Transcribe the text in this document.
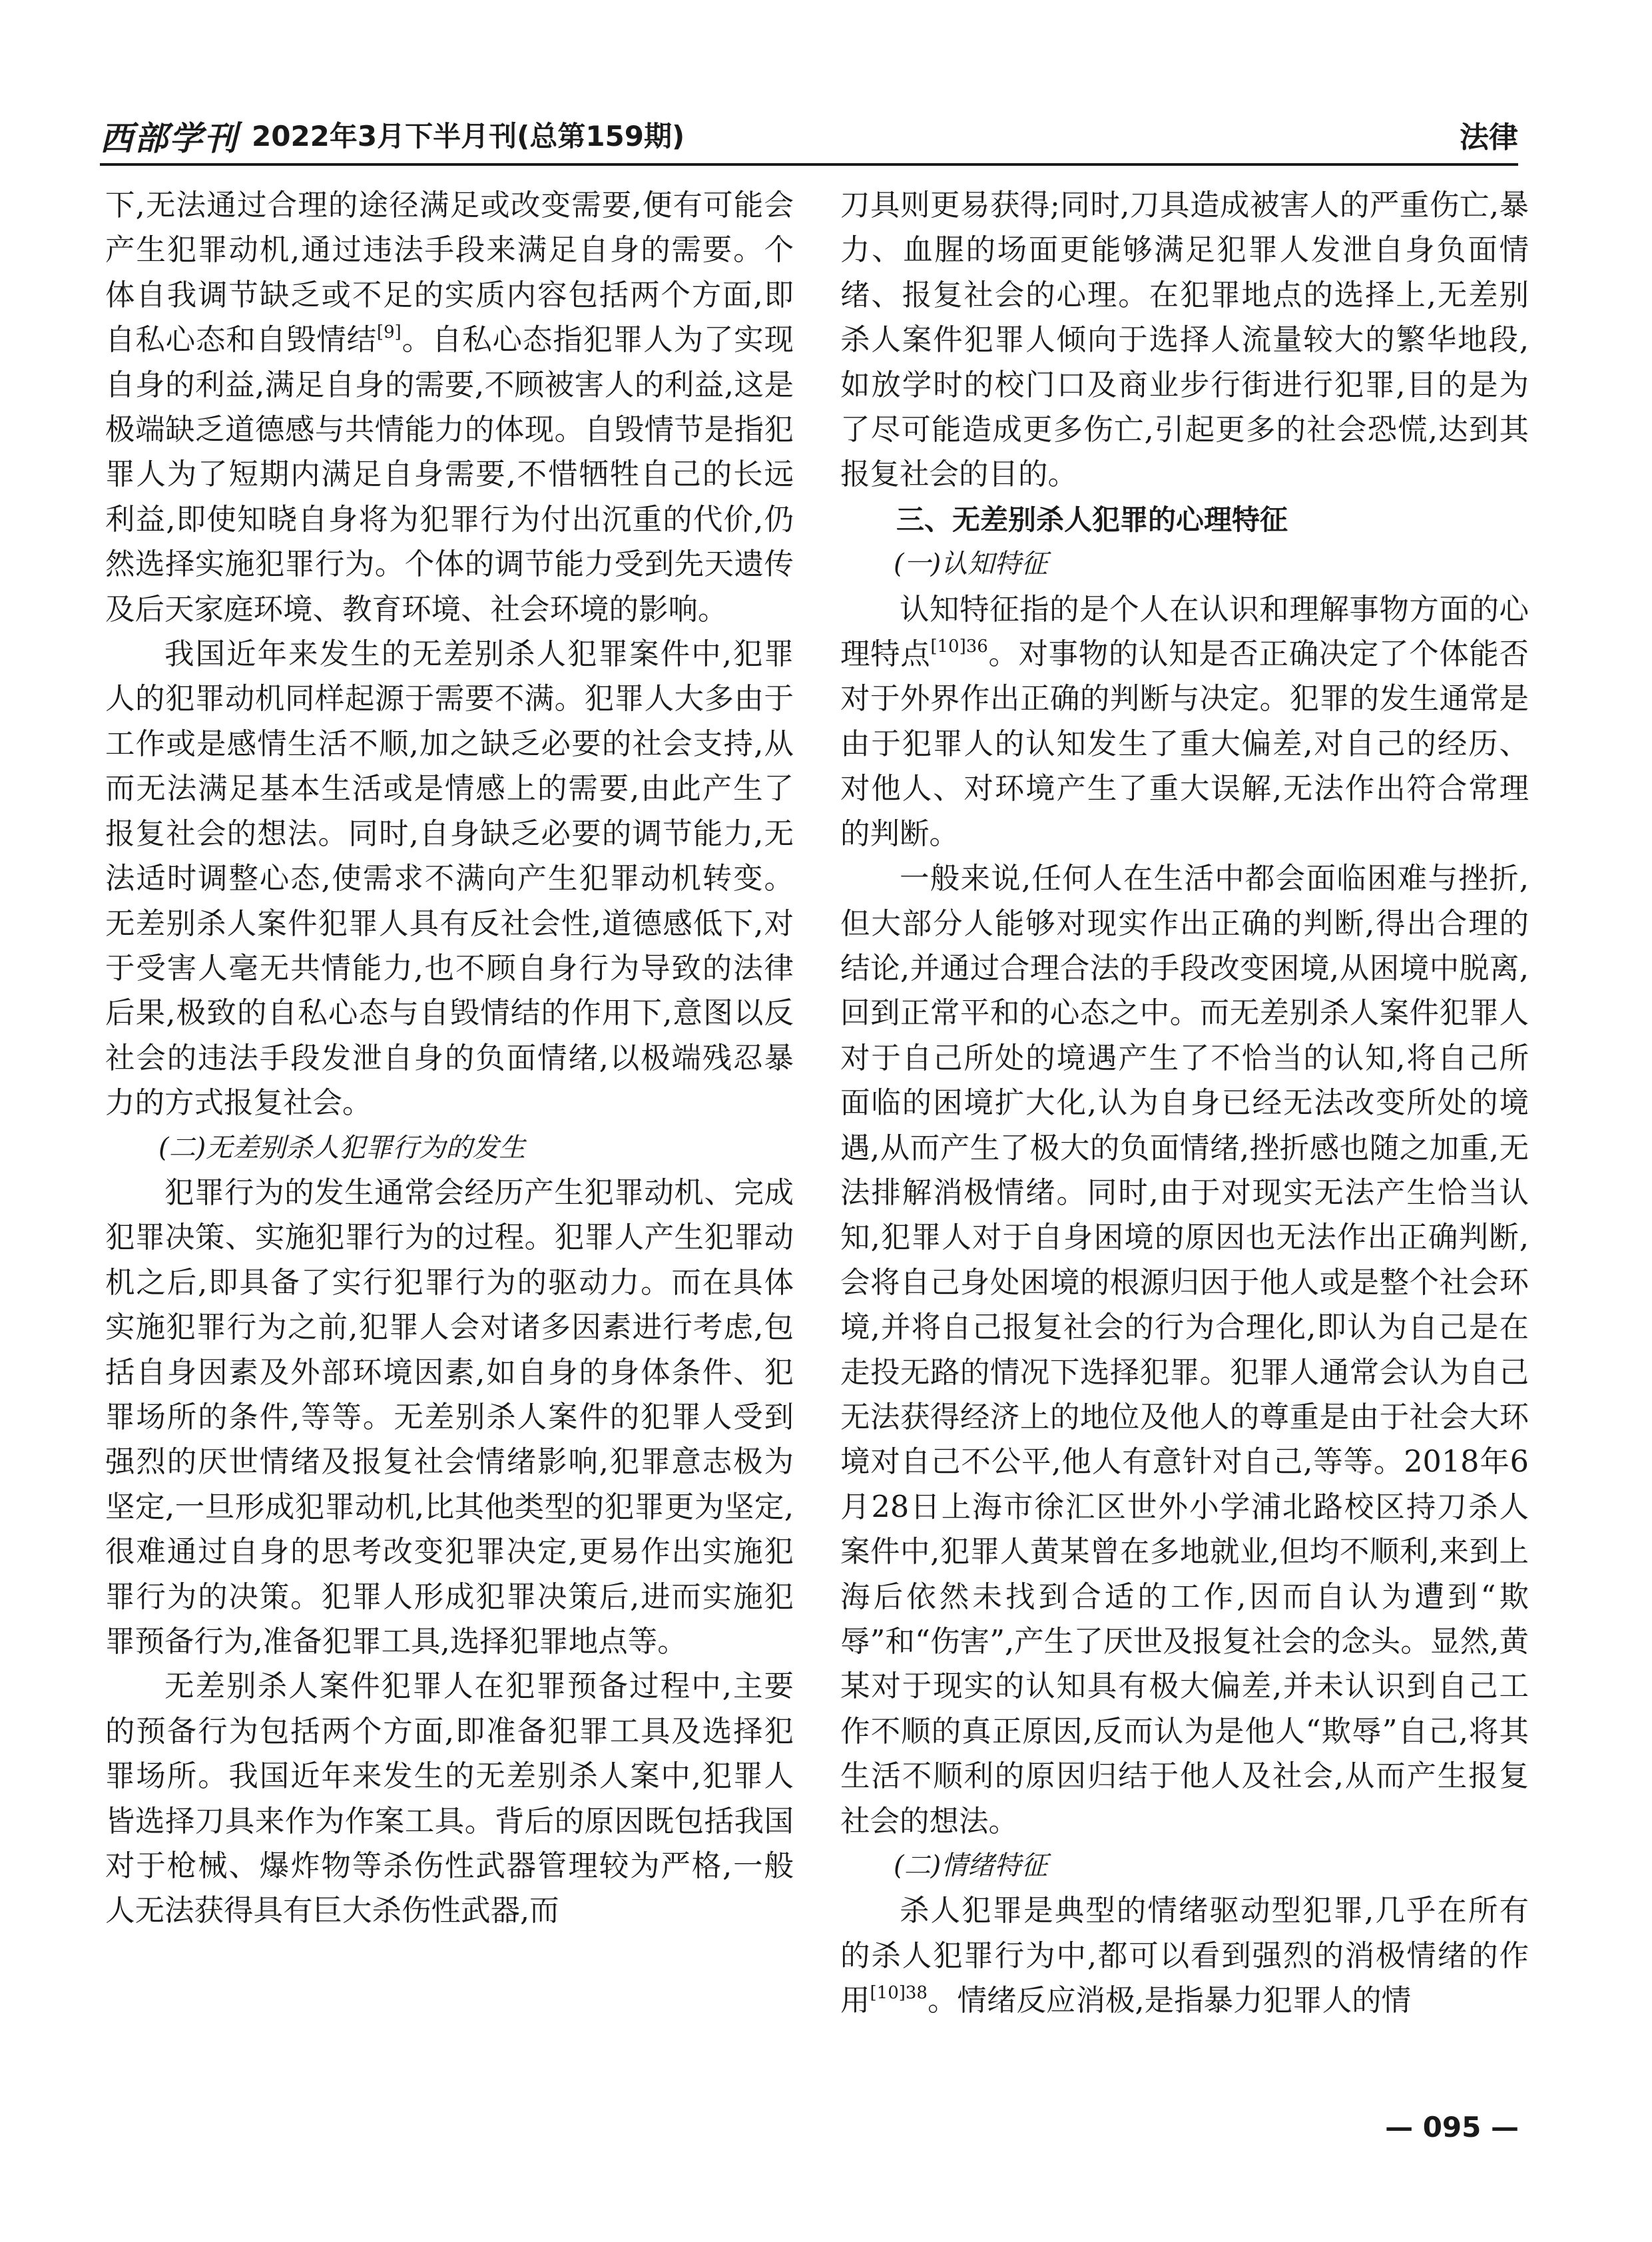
西部学刊 2022年3月下半月刊(总第159期)	法律

下,无法通过合理的途径满足或改变需要,便有可能会产生犯罪动机,通过违法手段来满足自身的需要。个体自我调节缺乏或不足的实质内容包括两个方面,即自私心态和自毁情结[9]。自私心态指犯罪人为了实现自身的利益,满足自身的需要,不顾被害人的利益,这是极端缺乏道德感与共情能力的体现。自毁情节是指犯罪人为了短期内满足自身需要,不惜牺牲自己的长远利益,即使知晓自身将为犯罪行为付出沉重的代价,仍然选择实施犯罪行为。个体的调节能力受到先天遗传及后天家庭环境、教育环境、社会环境的影响。

我国近年来发生的无差别杀人犯罪案件中,犯罪人的犯罪动机同样起源于需要不满。犯罪人大多由于工作或是感情生活不顺,加之缺乏必要的社会支持,从而无法满足基本生活或是情感上的需要,由此产生了报复社会的想法。同时,自身缺乏必要的调节能力,无法适时调整心态,使需求不满向产生犯罪动机转变。无差别杀人案件犯罪人具有反社会性,道德感低下,对于受害人毫无共情能力,也不顾自身行为导致的法律后果,极致的自私心态与自毁情结的作用下,意图以反社会的违法手段发泄自身的负面情绪,以极端残忍暴力的方式报复社会。

(二)无差别杀人犯罪行为的发生

犯罪行为的发生通常会经历产生犯罪动机、完成犯罪决策、实施犯罪行为的过程。犯罪人产生犯罪动机之后,即具备了实行犯罪行为的驱动力。而在具体实施犯罪行为之前,犯罪人会对诸多因素进行考虑,包括自身因素及外部环境因素,如自身的身体条件、犯罪场所的条件,等等。无差别杀人案件的犯罪人受到强烈的厌世情绪及报复社会情绪影响,犯罪意志极为坚定,一旦形成犯罪动机,比其他类型的犯罪更为坚定,很难通过自身的思考改变犯罪决定,更易作出实施犯罪行为的决策。犯罪人形成犯罪决策后,进而实施犯罪预备行为,准备犯罪工具,选择犯罪地点等。

无差别杀人案件犯罪人在犯罪预备过程中,主要的预备行为包括两个方面,即准备犯罪工具及选择犯罪场所。我国近年来发生的无差别杀人案中,犯罪人皆选择刀具来作为作案工具。背后的原因既包括我国对于枪械、爆炸物等杀伤性武器管理较为严格,一般人无法获得具有巨大杀伤性武器,而

刀具则更易获得;同时,刀具造成被害人的严重伤亡,暴力、血腥的场面更能够满足犯罪人发泄自身负面情绪、报复社会的心理。在犯罪地点的选择上,无差别杀人案件犯罪人倾向于选择人流量较大的繁华地段,如放学时的校门口及商业步行街进行犯罪,目的是为了尽可能造成更多伤亡,引起更多的社会恐慌,达到其报复社会的目的。

三、无差别杀人犯罪的心理特征

(一)认知特征

认知特征指的是个人在认识和理解事物方面的心理特点$^{[10]36}$。对事物的认知是否正确决定了个体能否对于外界作出正确的判断与决定。犯罪的发生通常是由于犯罪人的认知发生了重大偏差,对自己的经历、对他人、对环境产生了重大误解,无法作出符合常理的判断。

一般来说,任何人在生活中都会面临困难与挫折,但大部分人能够对现实作出正确的判断,得出合理的结论,并通过合理合法的手段改变困境,从困境中脱离,回到正常平和的心态之中。而无差别杀人案件犯罪人对于自己所处的境遇产生了不恰当的认知,将自己所面临的困境扩大化,认为自身已经无法改变所处的境遇,从而产生了极大的负面情绪,挫折感也随之加重,无法排解消极情绪。同时,由于对现实无法产生恰当认知,犯罪人对于自身困境的原因也无法作出正确判断,会将自己身处困境的根源归因于他人或是整个社会环境,并将自己报复社会的行为合理化,即认为自己是在走投无路的情况下选择犯罪。犯罪人通常会认为自己无法获得经济上的地位及他人的尊重是由于社会大环境对自己不公平,他人有意针对自己,等等。2018年6月28日上海市徐汇区世外小学浦北路校区持刀杀人案件中,犯罪人黄某曾在多地就业,但均不顺利,来到上海后依然未找到合适的工作,因而自认为遭到“欺辱”和“伤害”,产生了厌世及报复社会的念头。显然,黄某对于现实的认知具有极大偏差,并未认识到自己工作不顺的真正原因,反而认为是他人“欺辱”自己,将其生活不顺利的原因归结于他人及社会,从而产生报复社会的想法。

(二)情绪特征

杀人犯罪是典型的情绪驱动型犯罪,几乎在所有的杀人犯罪行为中,都可以看到强烈的消极情绪的作用$^{[10]38}$。情绪反应消极,是指暴力犯罪人的情

— 095 —
